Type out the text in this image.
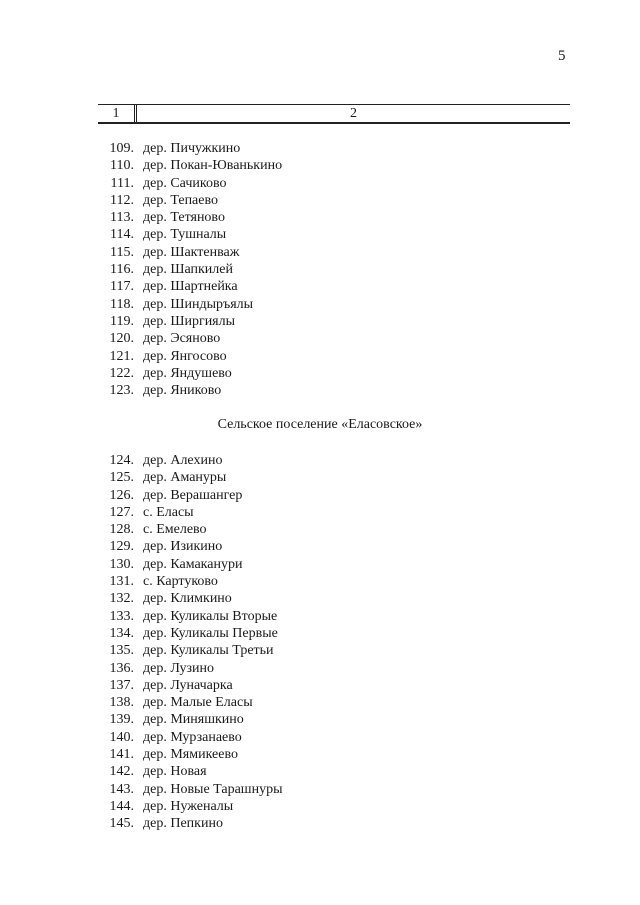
5
1	2
109. дер. Пичужкино
110. дер. Покан-Юванькино
111. дер. Сачиково
112. дер. Тепаево
113. дер. Тетяново
114. дер. Тушналы
115. дер. Шактенваж
116. дер. Шапкилей
117. дер. Шартнейка
118. дер. Шиндыръялы
119. дер. Ширгиялы
120. дер. Эсяново
121. дер. Янгосово
122. дер. Яндушево
123. дер. Яниково
Сельское поселение «Еласовское»
124. дер. Алехино
125. дер. Амануры
126. дер. Верашангер
127. с. Еласы
128. с. Емелево
129. дер. Изикино
130. дер. Камаканури
131. с. Картуково
132. дер. Климкино
133. дер. Куликалы Вторые
134. дер. Куликалы Первые
135. дер. Куликалы Третьи
136. дер. Лузино
137. дер. Луначарка
138. дер. Малые Еласы
139. дер. Миняшкино
140. дер. Мурзанаево
141. дер. Мямикеево
142. дер. Новая
143. дер. Новые Тарашнуры
144. дер. Нуженалы
145. дер. Пепкино
